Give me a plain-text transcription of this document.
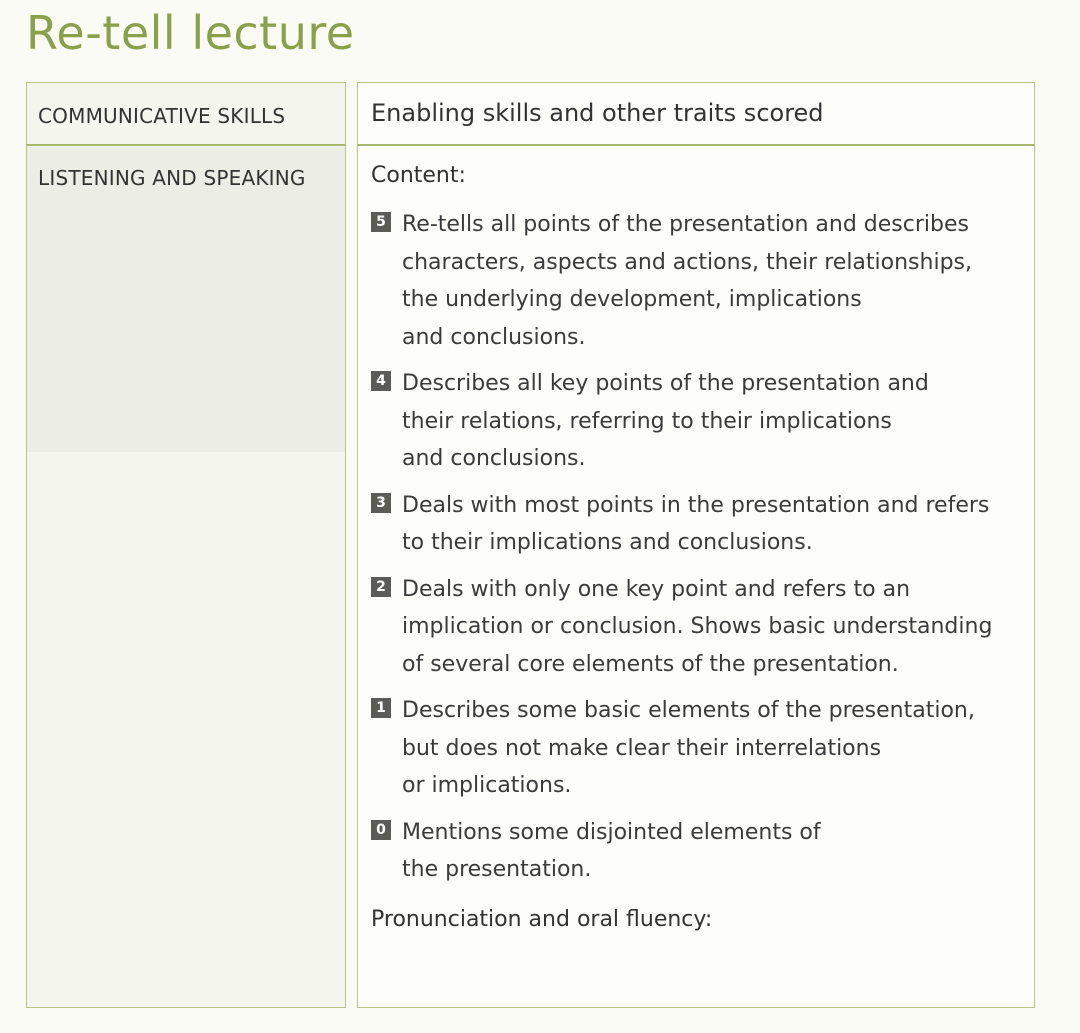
Re-tell lecture
COMMUNICATIVE SKILLS	Enabling skills and other traits scored
LISTENING AND SPEAKING	Content:
5 Re-tells all points of the presentation and describes
characters, aspects and actions, their relationships,
the underlying development, implications
and conclusions.
4 Describes all key points of the presentation and
their relations, referring to their implications
and conclusions.
3 Deals with most points in the presentation and refers
to their implications and conclusions.
2 Deals with only one key point and refers to an
implication or conclusion. Shows basic understanding
of several core elements of the presentation.
1 Describes some basic elements of the presentation,
but does not make clear their interrelations
or implications.
0 Mentions some disjointed elements of
the presentation.
Pronunciation and oral fluency:
